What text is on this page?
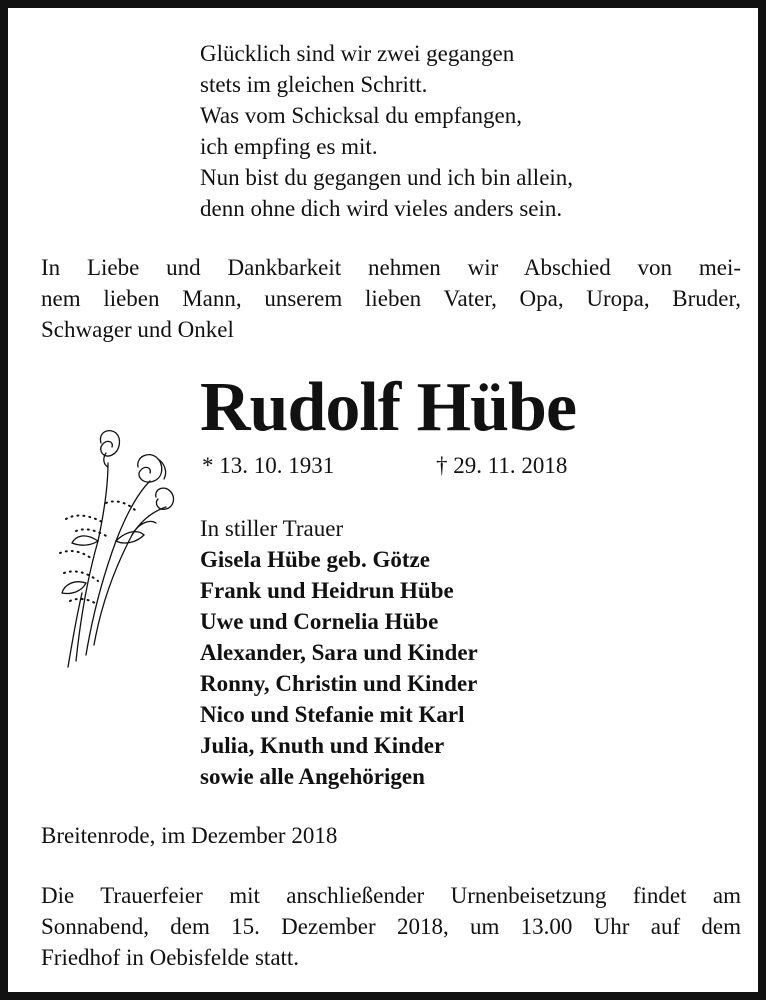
Glücklich sind wir zwei gegangen
stets im gleichen Schritt.
Was vom Schicksal du empfangen,
ich empfing es mit.
Nun bist du gegangen und ich bin allein,
denn ohne dich wird vieles anders sein.
In Liebe und Dankbarkeit nehmen wir Abschied von mei-
nem lieben Mann, unserem lieben Vater, Opa, Uropa, Bruder,
Schwager und Onkel
Rudolf Hübe
* 13. 10. 1931	† 29. 11. 2018
In stiller Trauer
Gisela Hübe geb. Götze
Frank und Heidrun Hübe
Uwe und Cornelia Hübe
Alexander, Sara und Kinder
Ronny, Christin und Kinder
Nico und Stefanie mit Karl
Julia, Knuth und Kinder
sowie alle Angehörigen
Breitenrode, im Dezember 2018
Die Trauerfeier mit anschließender Urnenbeisetzung findet am
Sonnabend, dem 15. Dezember 2018, um 13.00 Uhr auf dem
Friedhof in Oebisfelde statt.
